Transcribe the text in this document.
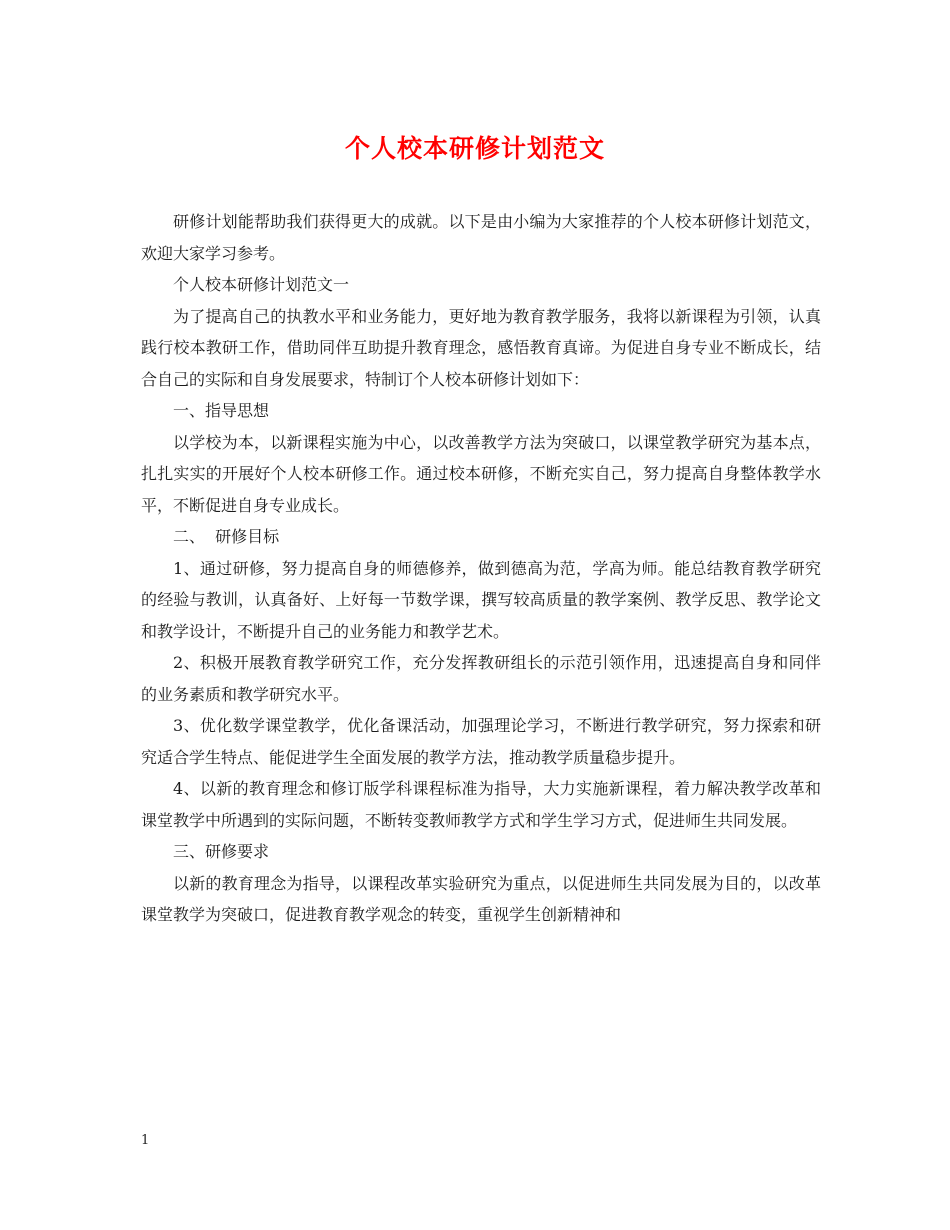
个人校本研修计划范文

研修计划能帮助我们获得更大的成就。以下是由小编为大家推荐的个人校本研修计划范文，欢迎大家学习参考。

个人校本研修计划范文一

为了提高自己的执教水平和业务能力，更好地为教育教学服务，我将以新课程为引领，认真践行校本教研工作，借助同伴互助提升教育理念，感悟教育真谛。为促进自身专业不断成长，结合自己的实际和自身发展要求，特制订个人校本研修计划如下：

一、指导思想

以学校为本，以新课程实施为中心，以改善教学方法为突破口，以课堂教学研究为基本点，扎扎实实的开展好个人校本研修工作。通过校本研修，不断充实自己，努力提高自身整体教学水平，不断促进自身专业成长。

二、  研修目标

1、通过研修，努力提高自身的师德修养，做到德高为范，学高为师。能总结教育教学研究的经验与教训，认真备好、上好每一节数学课，撰写较高质量的教学案例、教学反思、教学论文和教学设计，不断提升自己的业务能力和教学艺术。

2、积极开展教育教学研究工作，充分发挥教研组长的示范引领作用，迅速提高自身和同伴的业务素质和教学研究水平。

3、优化数学课堂教学，优化备课活动，加强理论学习，不断进行教学研究，努力探索和研究适合学生特点、能促进学生全面发展的教学方法，推动教学质量稳步提升。

4、以新的教育理念和修订版学科课程标准为指导，大力实施新课程，着力解决教学改革和课堂教学中所遇到的实际问题，不断转变教师教学方式和学生学习方式，促进师生共同发展。

三、研修要求

以新的教育理念为指导，以课程改革实验研究为重点，以促进师生共同发展为目的，以改革课堂教学为突破口，促进教育教学观念的转变，重视学生创新精神和

1
